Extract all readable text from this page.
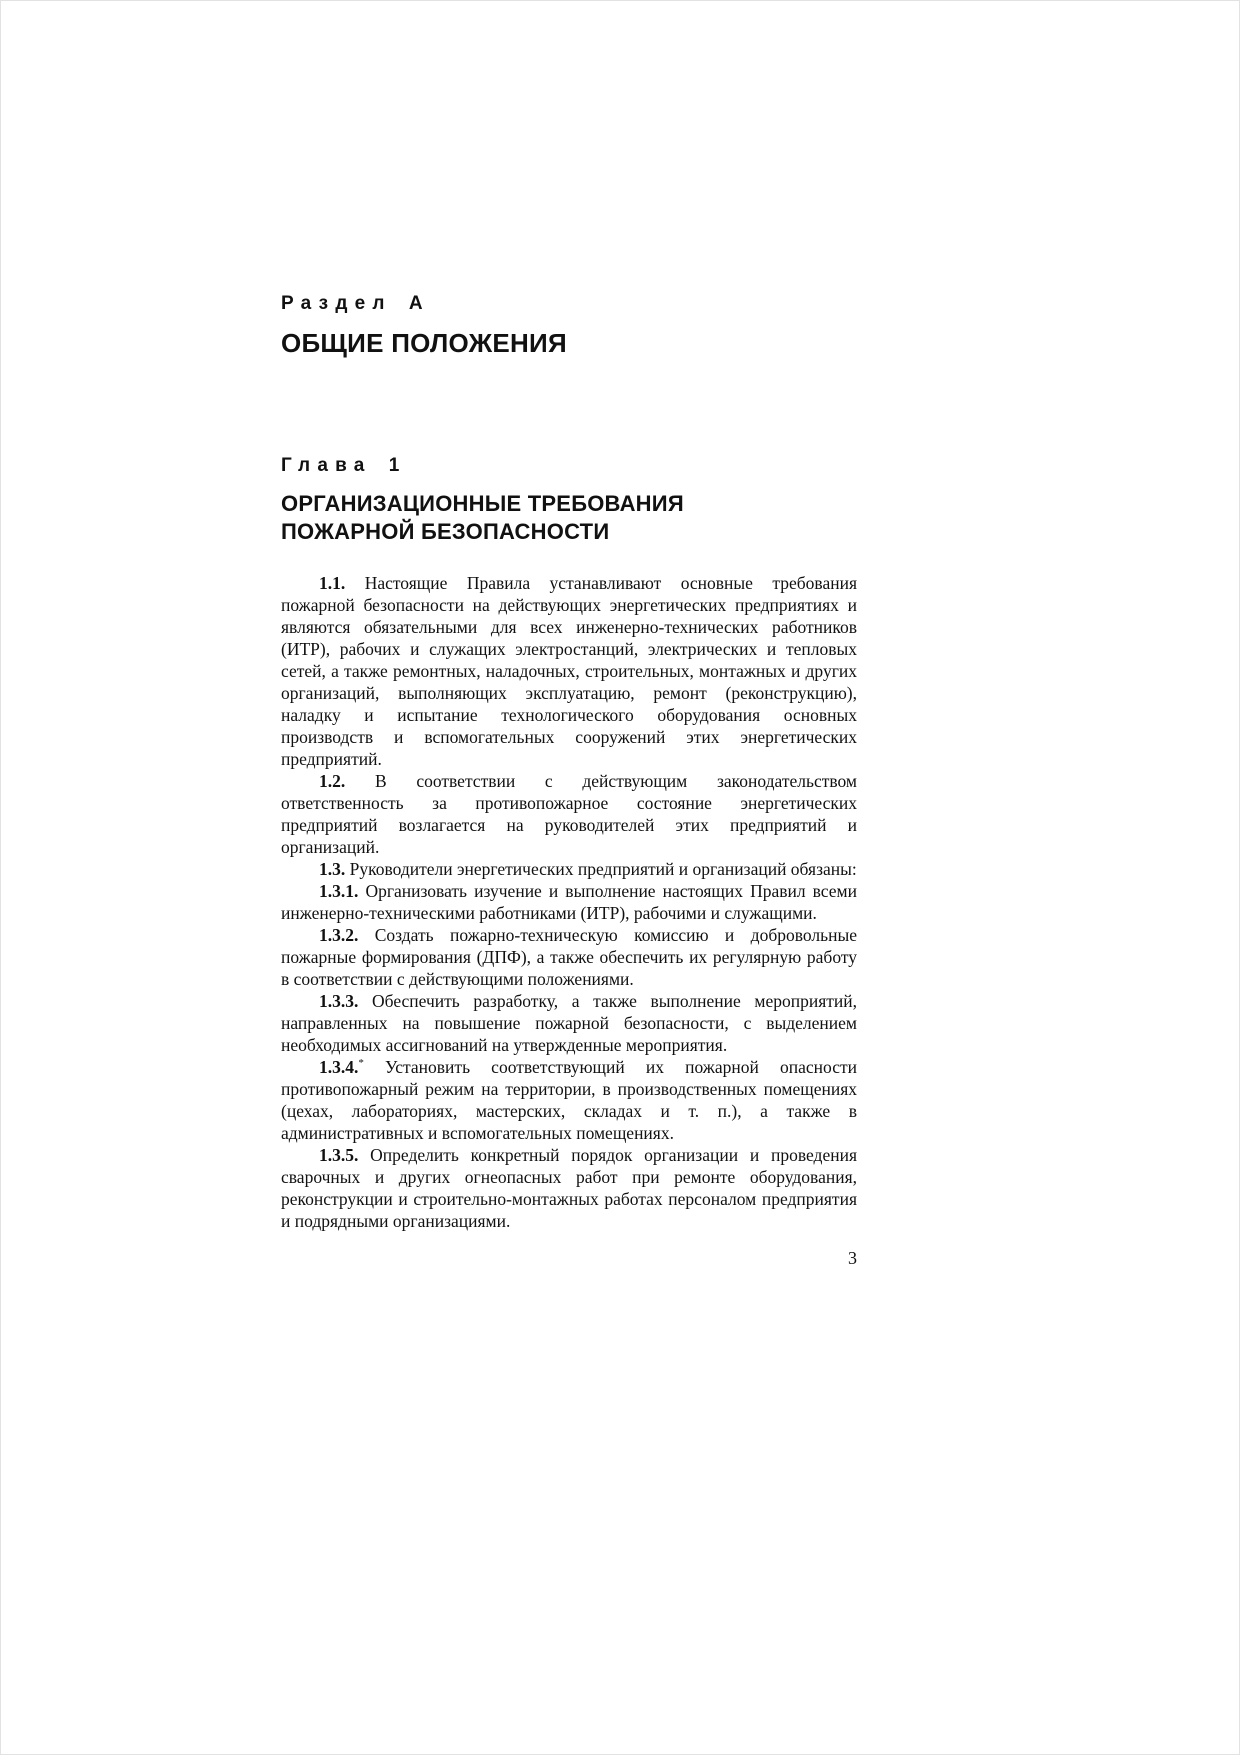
Раздел А
ОБЩИЕ ПОЛОЖЕНИЯ
Глава 1
ОРГАНИЗАЦИОННЫЕ ТРЕБОВАНИЯ
ПОЖАРНОЙ БЕЗОПАСНОСТИ

1.1. Настоящие Правила устанавливают основные требования пожарной безопасности на действующих энергетических предприятиях и являются обязательными для всех инженерно-технических работников (ИТР), рабочих и служащих электростанций, электрических и тепловых сетей, а также ремонтных, наладочных, строительных, монтажных и других организаций, выполняющих эксплуатацию, ремонт (реконструкцию), наладку и испытание технологического оборудования основных производств и вспомогательных сооружений этих энергетических предприятий.

1.2. В соответствии с действующим законодательством ответственность за противопожарное состояние энергетических предприятий возлагается на руководителей этих предприятий и организаций.

1.3. Руководители энергетических предприятий и организаций обязаны:

1.3.1. Организовать изучение и выполнение настоящих Правил всеми инженерно-техническими работниками (ИТР), рабочими и служащими.

1.3.2. Создать пожарно-техническую комиссию и добровольные пожарные формирования (ДПФ), а также обеспечить их регулярную работу в соответствии с действующими положениями.

1.3.3. Обеспечить разработку, а также выполнение мероприятий, направленных на повышение пожарной безопасности, с выделением необходимых ассигнований на утвержденные мероприятия.

1.3.4.* Установить соответствующий их пожарной опасности противопожарный режим на территории, в производственных помещениях (цехах, лабораториях, мастерских, складах и т. п.), а также в административных и вспомогательных помещениях.

1.3.5. Определить конкретный порядок организации и проведения сварочных и других огнеопасных работ при ремонте оборудования, реконструкции и строительно-монтажных работах персоналом предприятия и подрядными организациями.

3
